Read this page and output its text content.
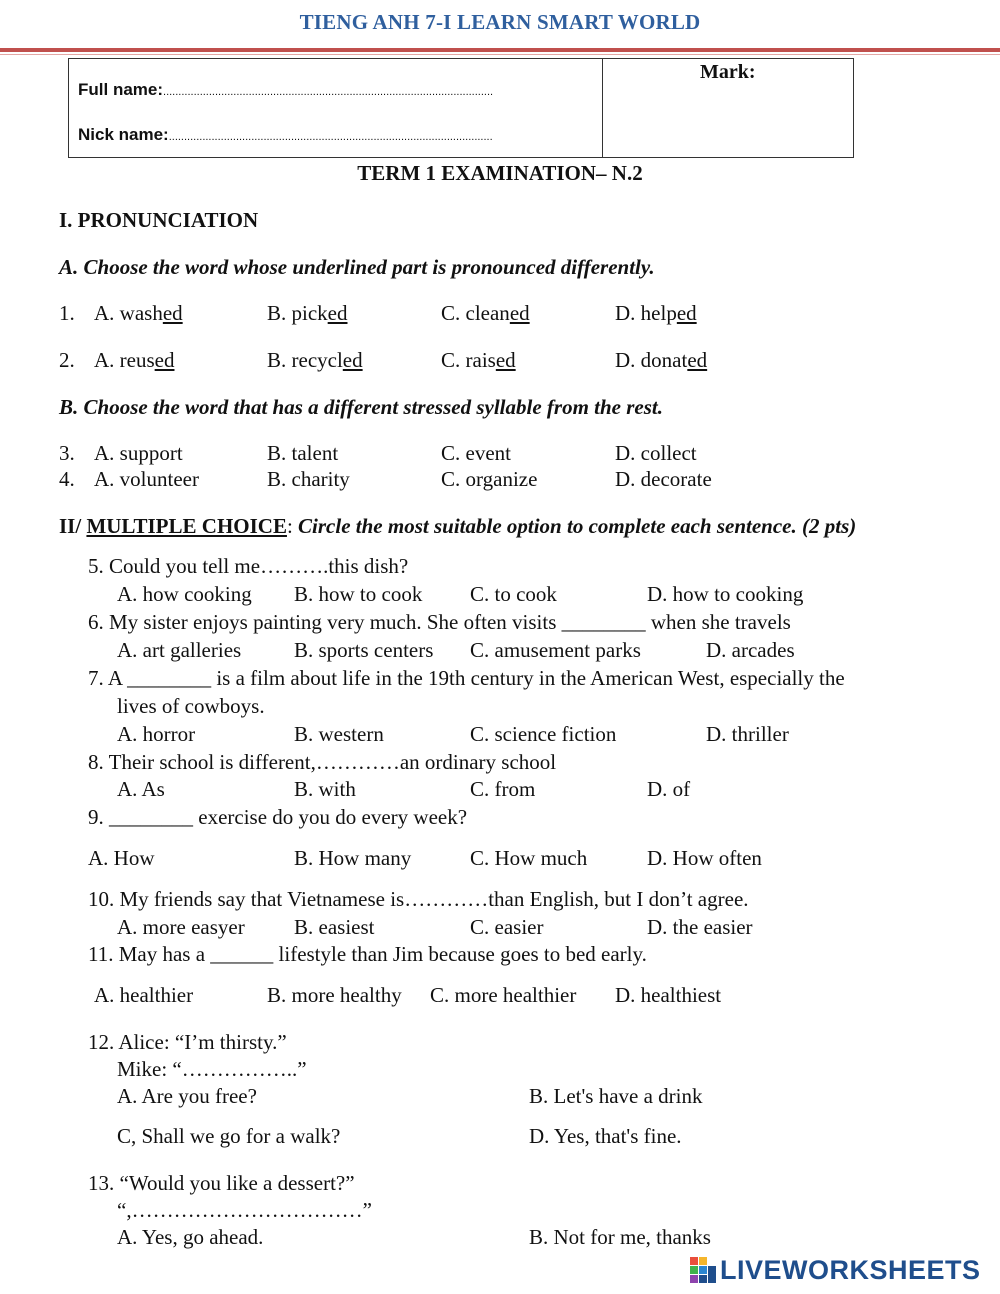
TIENG ANH 7-I LEARN SMART WORLD
Full name:............................................................................................................
Nick name:..........................................................................................................
Mark:
TERM 1 EXAMINATION– N.2
I. PRONUNCIATION
A. Choose the word whose underlined part is pronounced differently.
1. A. washed	B. picked	C. cleaned	D. helped
2. A. reused	B. recycled	C. raised	D. donated
B. Choose the word that has a different stressed syllable from the rest.
3. A. support	B. talent	C. event	D. collect
4. A. volunteer	B. charity	C. organize	D. decorate
II/ MULTIPLE CHOICE: Circle the most suitable option to complete each sentence. (2 pts)
5. Could you tell me……….this dish?
A. how cooking B. how to cook C. to cook	D. how to cooking
6. My sister enjoys painting very much. She often visits ________ when she travels
A. art galleries	B. sports centers C. amusement parks	D. arcades
7. A ________ is a film about life in the 19th century in the American West, especially the
lives of cowboys.
A. horror	B. western	C. science fiction	D. thriller
8. Their school is different,…………an ordinary school
A. As	B. with	C. from	D. of
9. ________ exercise do you do every week?
A. How	B. How many	C. How much	D. How often
10. My friends say that Vietnamese is…………than English, but I don’t agree.
A. more easyer B. easiest	C. easier	D. the easier
11. May has a ______ lifestyle than Jim because goes to bed early.
A. healthier	B. more healthy C. more healthier D. healthiest
12. Alice: “I’m thirsty.”
Mike: “……………..”
A. Are you free?	B. Let's have a drink
C, Shall we go for a walk?	D. Yes, that's fine.
13. “Would you like a dessert?”
“,……………………………”
A. Yes, go ahead.	B. Not for me, thanks
LIVEWORKSHEETS
